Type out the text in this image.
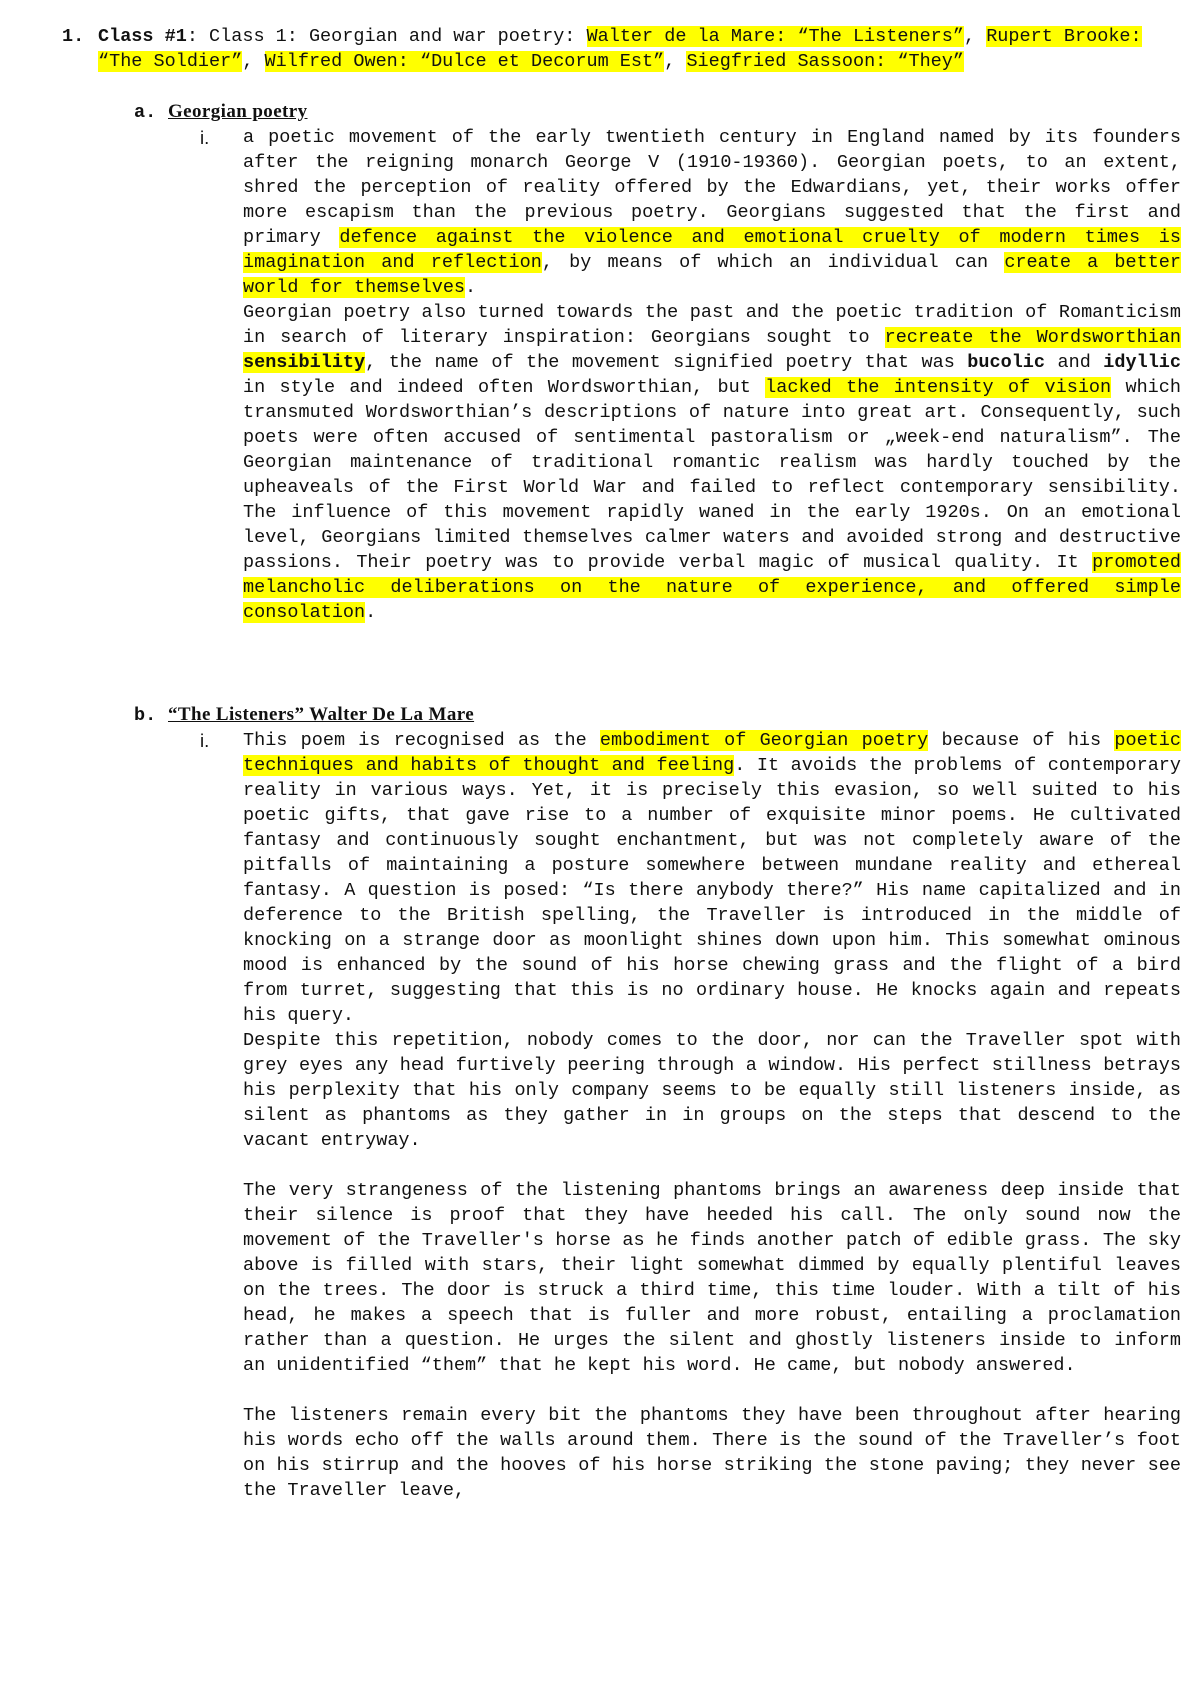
1. Class #1: Class 1: Georgian and war poetry: Walter de la Mare: “The Listeners”, Rupert Brooke: “The Soldier”, Wilfred Owen: “Dulce et Decorum Est”, Siegfried Sassoon: “They”
a. Georgian poetry
i. a poetic movement of the early twentieth century in England named by its founders after the reigning monarch George V (1910-19360). Georgian poets, to an extent, shred the perception of reality offered by the Edwardians, yet, their works offer more escapism than the previous poetry. Georgians suggested that the first and primary defence against the violence and emotional cruelty of modern times is imagination and reflection, by means of which an individual can create a better world for themselves.

Georgian poetry also turned towards the past and the poetic tradition of Romanticism in search of literary inspiration: Georgians sought to recreate the Wordsworthian sensibility, the name of the movement signified poetry that was bucolic and idyllic in style and indeed often Wordsworthian, but lacked the intensity of vision which transmuted Wordsworthian’s descriptions of nature into great art. Consequently, such poets were often accused of sentimental pastoralism or „week-end naturalism”. The Georgian maintenance of traditional romantic realism was hardly touched by the upheaveals of the First World War and failed to reflect contemporary sensibility. The influence of this movement rapidly waned in the early 1920s. On an emotional level, Georgians limited themselves calmer waters and avoided strong and destructive passions. Their poetry was to provide verbal magic of musical quality. It promoted melancholic deliberations on the nature of experience, and offered simple consolation.

b. “The Listeners” Walter De La Mare
i. This poem is recognised as the embodiment of Georgian poetry because of his poetic techniques and habits of thought and feeling. It avoids the problems of contemporary reality in various ways. Yet, it is precisely this evasion, so well suited to his poetic gifts, that gave rise to a number of exquisite minor poems. He cultivated fantasy and continuously sought enchantment, but was not completely aware of the pitfalls of maintaining a posture somewhere between mundane reality and ethereal fantasy. A question is posed: “Is there anybody there?” His name capitalized and in deference to the British spelling, the Traveller is introduced in the middle of knocking on a strange door as moonlight shines down upon him. This somewhat ominous mood is enhanced by the sound of his horse chewing grass and the flight of a bird from turret, suggesting that this is no ordinary house. He knocks again and repeats his query.

Despite this repetition, nobody comes to the door, nor can the Traveller spot with grey eyes any head furtively peering through a window. His perfect stillness betrays his perplexity that his only company seems to be equally still listeners inside, as silent as phantoms as they gather in in groups on the steps that descend to the vacant entryway.

The very strangeness of the listening phantoms brings an awareness deep inside that their silence is proof that they have heeded his call. The only sound now the movement of the Traveller's horse as he finds another patch of edible grass. The sky above is filled with stars, their light somewhat dimmed by equally plentiful leaves on the trees. The door is struck a third time, this time louder. With a tilt of his head, he makes a speech that is fuller and more robust, entailing a proclamation rather than a question. He urges the silent and ghostly listeners inside to inform an unidentified “them” that he kept his word. He came, but nobody answered.

The listeners remain every bit the phantoms they have been throughout after hearing his words echo off the walls around them. There is the sound of the Traveller’s foot on his stirrup and the hooves of his horse striking the stone paving; they never see the Traveller leave,
